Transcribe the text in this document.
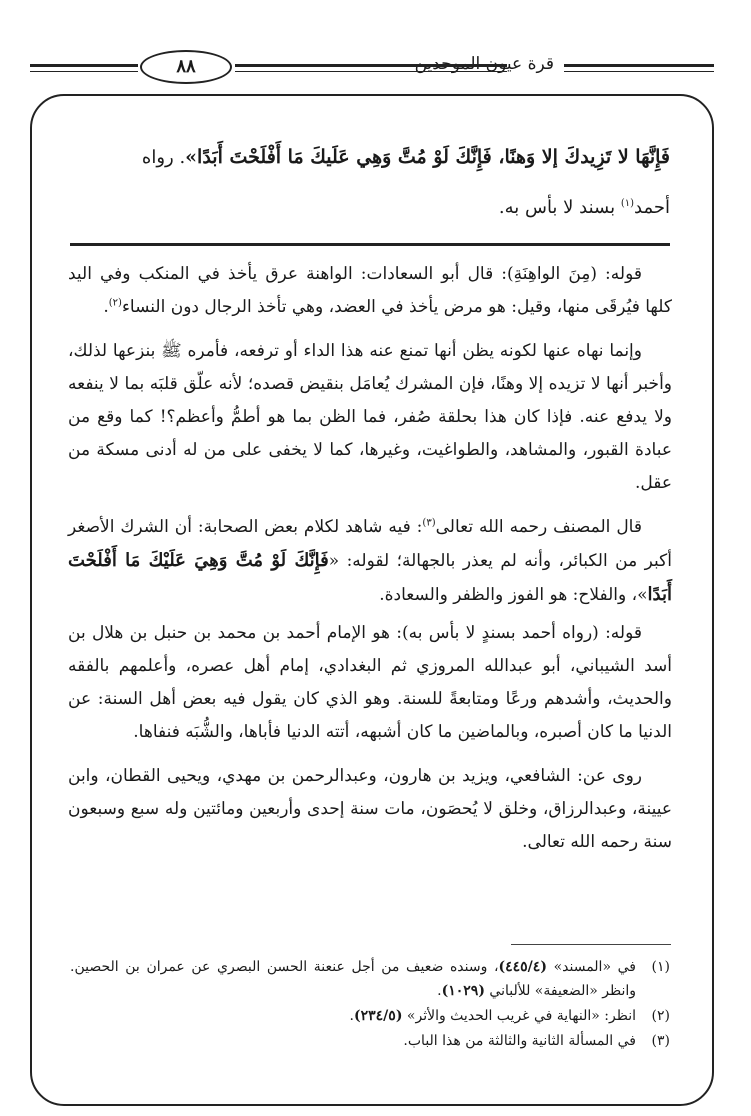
قرة عيون الموحدين
٨٨

فَإِنَّهَا لا تَزِيدكَ إلا وَهنًا، فَإِنَّكَ لَوْ مُتَّ وَهِي عَلَيكَ مَا أَفْلَحْتَ أَبَدًا». رواه

أحمد$^{(١)}$ بسند لا بأس به.

قوله: (مِنَ الواهِنَةِ): قال أبو السعادات: الواهنة عرق يأخذ في المنكب وفي اليد كلها فيُرقَى منها، وقيل: هو مرض يأخذ في العضد، وهي تأخذ الرجال دون النساء$^{(٢)}$.

وإنما نهاه عنها لكونه يظن أنها تمنع عنه هذا الداء أو ترفعه، فأمره ﷺ بنزعها لذلك، وأخبر أنها لا تزيده إلا وهنًا، فإن المشرك يُعامَل بنقيض قصده؛ لأنه علّق قلبَه بما لا ينفعه ولا يدفع عنه. فإذا كان هذا بحلقة صُفر، فما الظن بما هو أطمُّ وأعظم؟! كما وقع من عبادة القبور، والمشاهد، والطواغيت، وغيرها، كما لا يخفى على من له أدنى مسكة من عقل.

قال المصنف رحمه الله تعالى$^{(٣)}$: فيه شاهد لكلام بعض الصحابة: أن الشرك الأصغر أكبر من الكبائر، وأنه لم يعذر بالجهالة؛ لقوله: «فَإِنَّكَ لَوْ مُتَّ وَهِيَ عَلَيْكَ مَا أَفْلَحْتَ أَبَدًا»، والفلاح: هو الفوز والظفر والسعادة.

قوله: (رواه أحمد بسندٍ لا بأس به): هو الإمام أحمد بن محمد بن حنبل بن هلال بن أسد الشيباني، أبو عبدالله المروزي ثم البغدادي، إمام أهل عصره، وأعلمهم بالفقه والحديث، وأشدهم ورعًا ومتابعةً للسنة. وهو الذي كان يقول فيه بعض أهل السنة: عن الدنيا ما كان أصبره، وبالماضين ما كان أشبهه، أتته الدنيا فأباها، والشُّبَه فنفاها.

روى عن: الشافعي، ويزيد بن هارون، وعبدالرحمن بن مهدي، ويحيى القطان، وابن عيينة، وعبدالرزاق، وخلق لا يُحصَون، مات سنة إحدى وأربعين ومائتين وله سبع وسبعون سنة رحمه الله تعالى.

(١)
في «المسند» (٤٤٥/٤)، وسنده ضعيف من أجل عنعنة الحسن البصري عن عمران بن الحصين. وانظر «الضعيفة» للألباني (١٠٢٩).
(٢)
انظر: «النهاية في غريب الحديث والأثر» (٢٣٤/٥).
(٣)
في المسألة الثانية والثالثة من هذا الباب.
